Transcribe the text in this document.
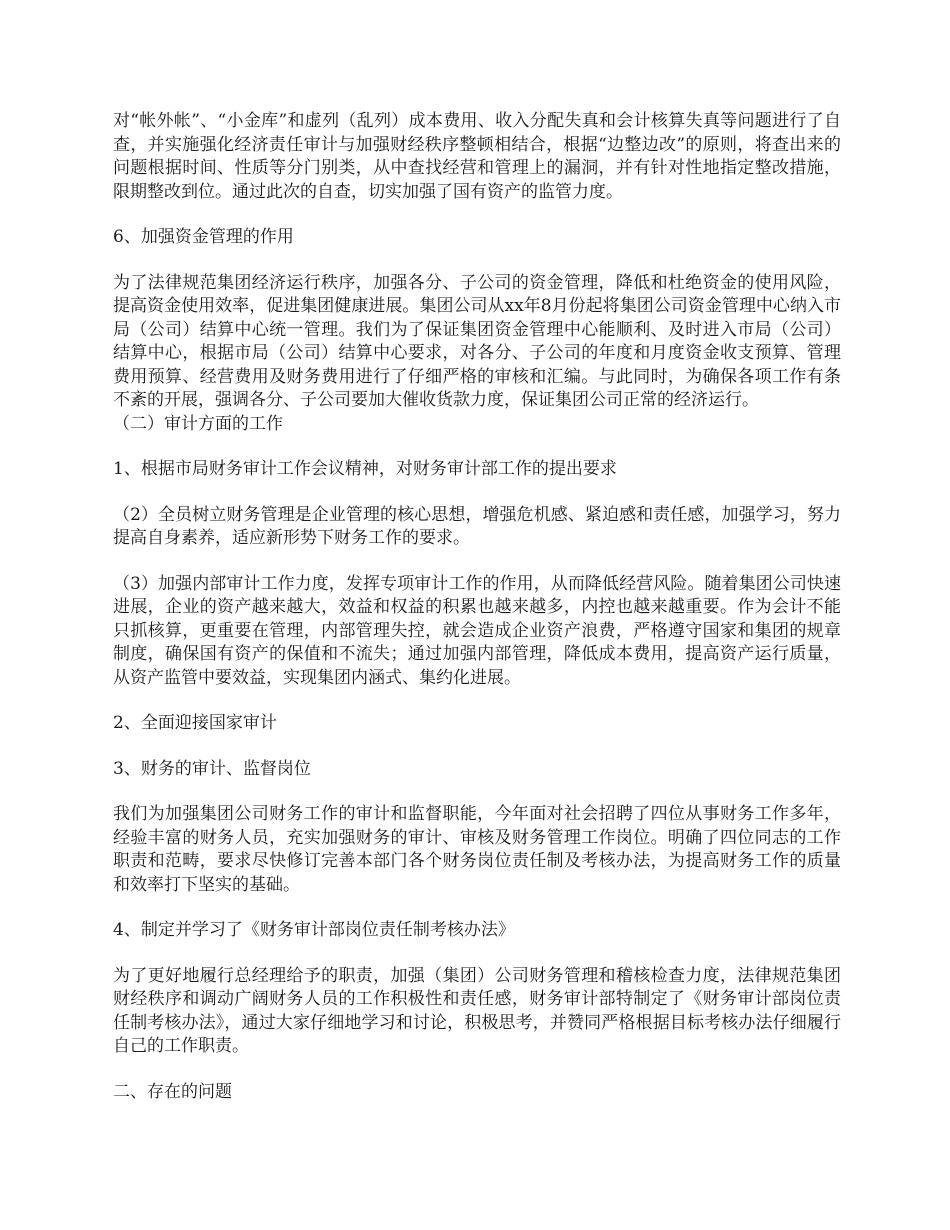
对“帐外帐”、“小金库”和虚列（乱列）成本费用、收入分配失真和会计核算失真等问题进行了自查，并实施强化经济责任审计与加强财经秩序整顿相结合，根据“边整边改”的原则，将查出来的问题根据时间、性质等分门别类，从中查找经营和管理上的漏洞，并有针对性地指定整改措施，限期整改到位。通过此次的自查，切实加强了国有资产的监管力度。

6、加强资金管理的作用

为了法律规范集团经济运行秩序，加强各分、子公司的资金管理，降低和杜绝资金的使用风险，提高资金使用效率，促进集团健康进展。集团公司从xx年8月份起将集团公司资金管理中心纳入市局（公司）结算中心统一管理。我们为了保证集团资金管理中心能顺利、及时进入市局（公司）结算中心，根据市局（公司）结算中心要求，对各分、子公司的年度和月度资金收支预算、管理费用预算、经营费用及财务费用进行了仔细严格的审核和汇编。与此同时，为确保各项工作有条不紊的开展，强调各分、子公司要加大催收货款力度，保证集团公司正常的经济运行。

（二）审计方面的工作

1、根据市局财务审计工作会议精神，对财务审计部工作的提出要求

（2）全员树立财务管理是企业管理的核心思想，增强危机感、紧迫感和责任感，加强学习，努力提高自身素养，适应新形势下财务工作的要求。

（3）加强内部审计工作力度，发挥专项审计工作的作用，从而降低经营风险。随着集团公司快速进展，企业的资产越来越大，效益和权益的积累也越来越多，内控也越来越重要。作为会计不能只抓核算，更重要在管理，内部管理失控，就会造成企业资产浪费，严格遵守国家和集团的规章制度，确保国有资产的保值和不流失；通过加强内部管理，降低成本费用，提高资产运行质量，从资产监管中要效益，实现集团内涵式、集约化进展。

2、全面迎接国家审计

3、财务的审计、监督岗位

我们为加强集团公司财务工作的审计和监督职能，今年面对社会招聘了四位从事财务工作多年，经验丰富的财务人员，充实加强财务的审计、审核及财务管理工作岗位。明确了四位同志的工作职责和范畴，要求尽快修订完善本部门各个财务岗位责任制及考核办法，为提高财务工作的质量和效率打下坚实的基础。

4、制定并学习了《财务审计部岗位责任制考核办法》

为了更好地履行总经理给予的职责，加强（集团）公司财务管理和稽核检查力度，法律规范集团财经秩序和调动广阔财务人员的工作积极性和责任感，财务审计部特制定了《财务审计部岗位责任制考核办法》，通过大家仔细地学习和讨论，积极思考，并赞同严格根据目标考核办法仔细履行自己的工作职责。

二、存在的问题
